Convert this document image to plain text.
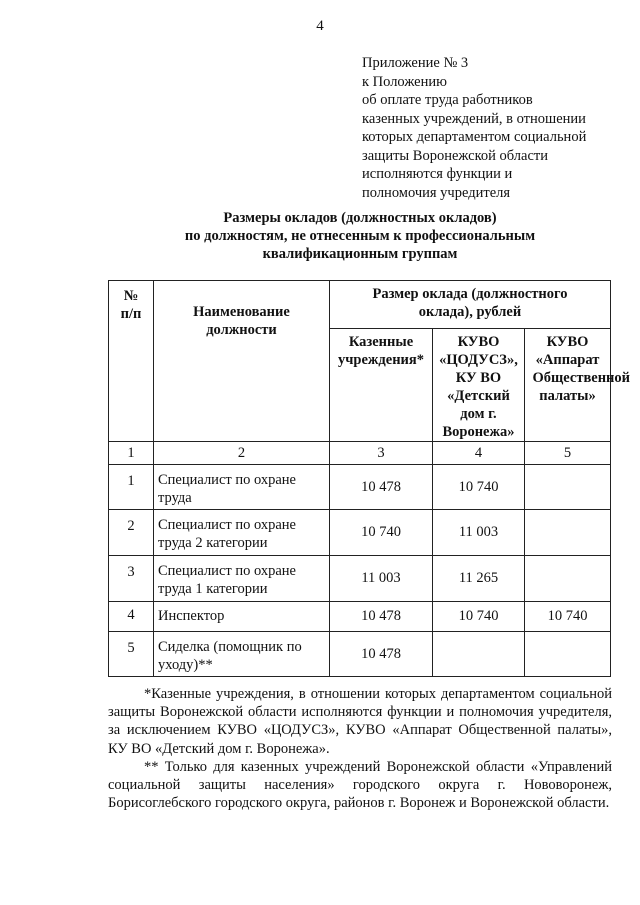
4
Приложение № 3
к Положению
об оплате труда работников
казенных учреждений, в отношении
которых департаментом социальной
защиты Воронежской области
исполняются функции и
полномочия учредителя
Размеры окладов (должностных окладов)
по должностям, не отнесенным к профессиональным
квалификационным группам
№ п/п	Наименование должности	Размер оклада (должностного оклада), рублей		

		Казенные учреждения*	КУВО «ЦОДУСЗ», КУ ВО «Детский дом г. Воронежа»	КУВО «Аппарат Общественной палаты»

1	2	3	4	5
1	Специалист по охране труда	10 478	10 740	
2	Специалист по охране труда 2 категории	10 740	11 003	
3	Специалист по охране труда 1 категории	11 003	11 265	
4	Инспектор	10 478	10 740	10 740
5	Сиделка (помощник по уходу)**	10 478		

*Казенные учреждения, в отношении которых департаментом социальной защиты Воронежской области исполняются функции и полномочия учредителя, за исключением КУВО «ЦОДУСЗ», КУВО «Аппарат Общественной палаты», КУ ВО «Детский дом г. Воронежа».

** Только для казенных учреждений Воронежской области «Управлений социальной защиты населения» городского округа г. Нововоронеж, Борисоглебского городского округа, районов г. Воронеж и Воронежской области.
